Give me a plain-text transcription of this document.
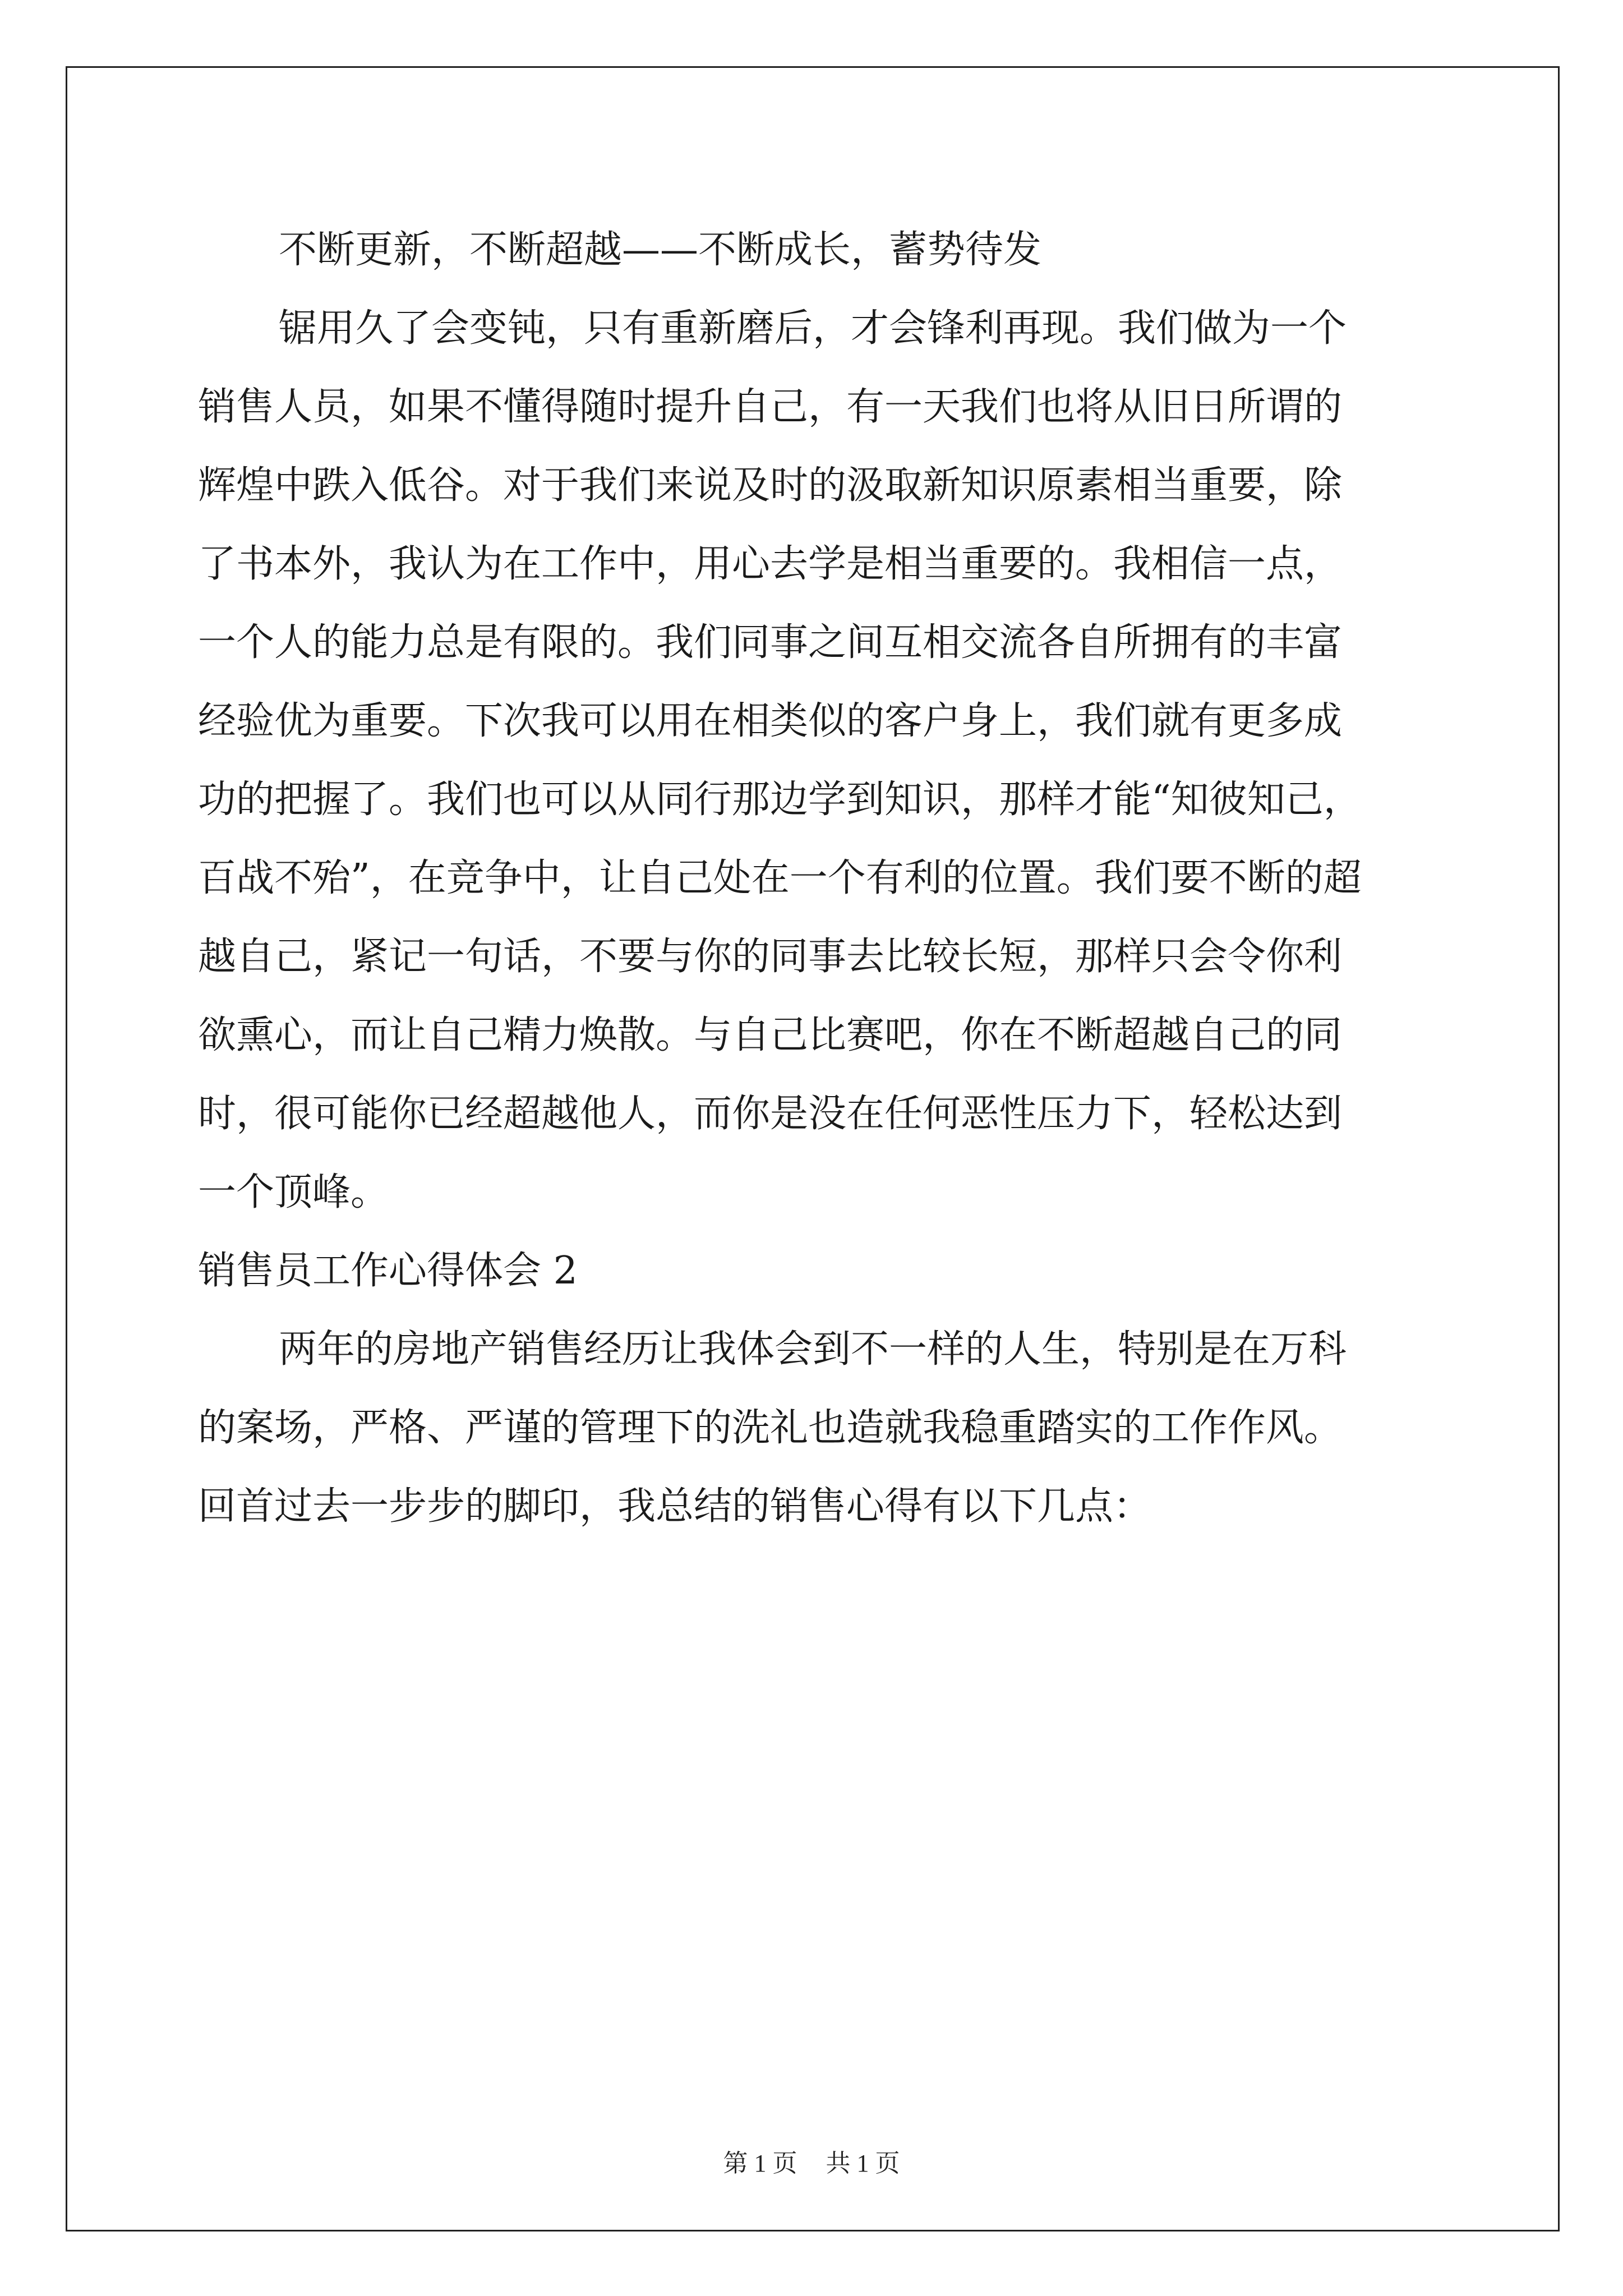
不断更新，不断超越——不断成长，蓄势待发
锯用久了会变钝，只有重新磨后，才会锋利再现。我们做为一个
销售人员，如果不懂得随时提升自己，有一天我们也将从旧日所谓的
辉煌中跌入低谷。对于我们来说及时的汲取新知识原素相当重要，除
了书本外，我认为在工作中，用心去学是相当重要的。我相信一点，
一个人的能力总是有限的。我们同事之间互相交流各自所拥有的丰富
经验优为重要。下次我可以用在相类似的客户身上，我们就有更多成
功的把握了。我们也可以从同行那边学到知识，那样才能“知彼知己，
百战不殆”，在竞争中，让自己处在一个有利的位置。我们要不断的超
越自己，紧记一句话，不要与你的同事去比较长短，那样只会令你利
欲熏心，而让自己精力焕散。与自己比赛吧，你在不断超越自己的同
时，很可能你已经超越他人，而你是没在任何恶性压力下，轻松达到
一个顶峰。
销售员工作心得体会 2
两年的房地产销售经历让我体会到不一样的人生，特别是在万科
的案场，严格、严谨的管理下的洗礼也造就我稳重踏实的工作作风。
回首过去一步步的脚印，我总结的销售心得有以下几点：
第 1 页 共 1 页
